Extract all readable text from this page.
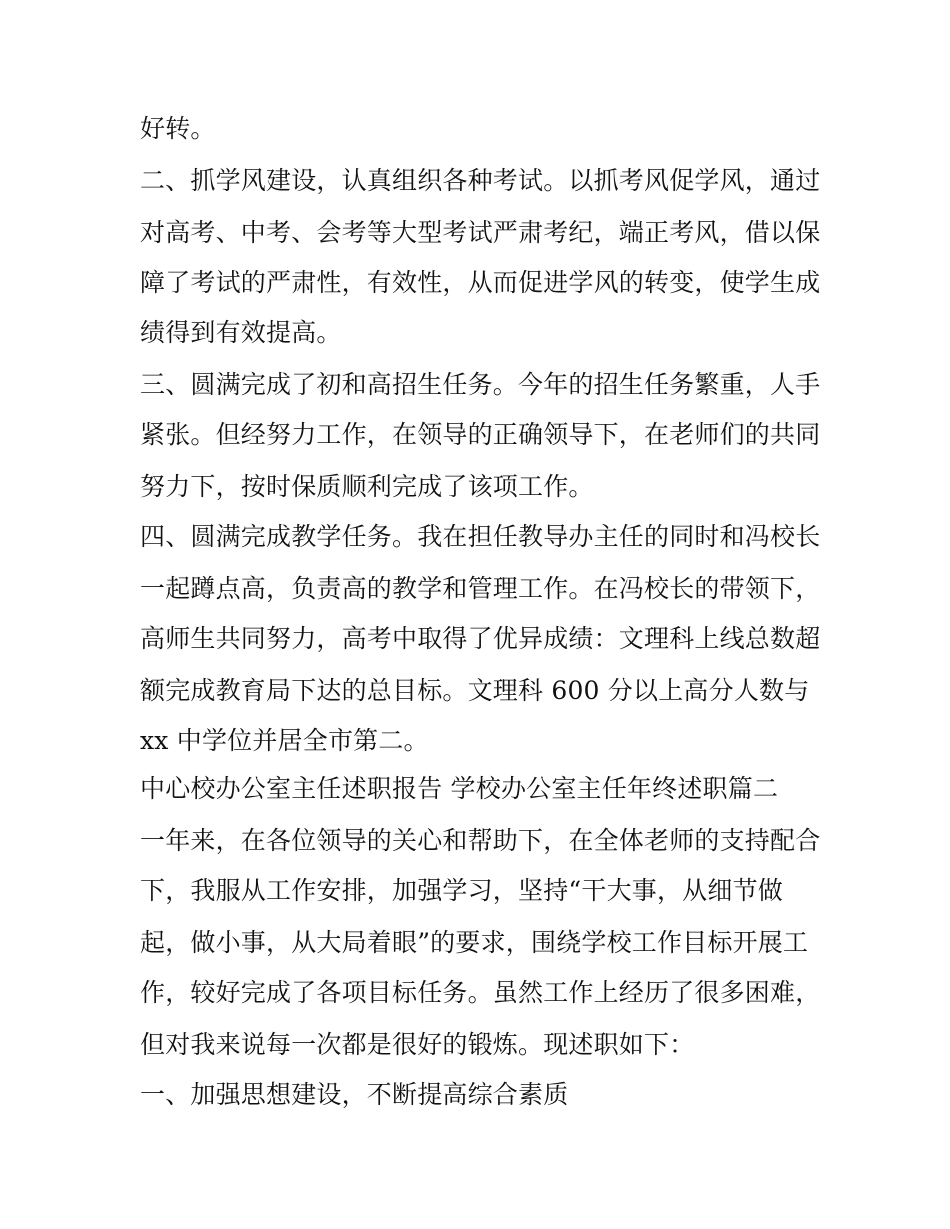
好转。
二、抓学风建设，认真组织各种考试。以抓考风促学风，通过
对高考、中考、会考等大型考试严肃考纪，端正考风，借以保
障了考试的严肃性，有效性，从而促进学风的转变，使学生成
绩得到有效提高。
三、圆满完成了初和高招生任务。今年的招生任务繁重，人手
紧张。但经努力工作，在领导的正确领导下，在老师们的共同
努力下，按时保质顺利完成了该项工作。
四、圆满完成教学任务。我在担任教导办主任的同时和冯校长
一起蹲点高，负责高的教学和管理工作。在冯校长的带领下，
高师生共同努力，高考中取得了优异成绩：文理科上线总数超
额完成教育局下达的总目标。文理科 600 分以上高分人数与
xx 中学位并居全市第二。
中心校办公室主任述职报告 学校办公室主任年终述职篇二
一年来，在各位领导的关心和帮助下，在全体老师的支持配合
下，我服从工作安排，加强学习，坚持“干大事，从细节做
起，做小事，从大局着眼”的要求，围绕学校工作目标开展工
作，较好完成了各项目标任务。虽然工作上经历了很多困难，
但对我来说每一次都是很好的锻炼。现述职如下：
一、加强思想建设，不断提高综合素质
